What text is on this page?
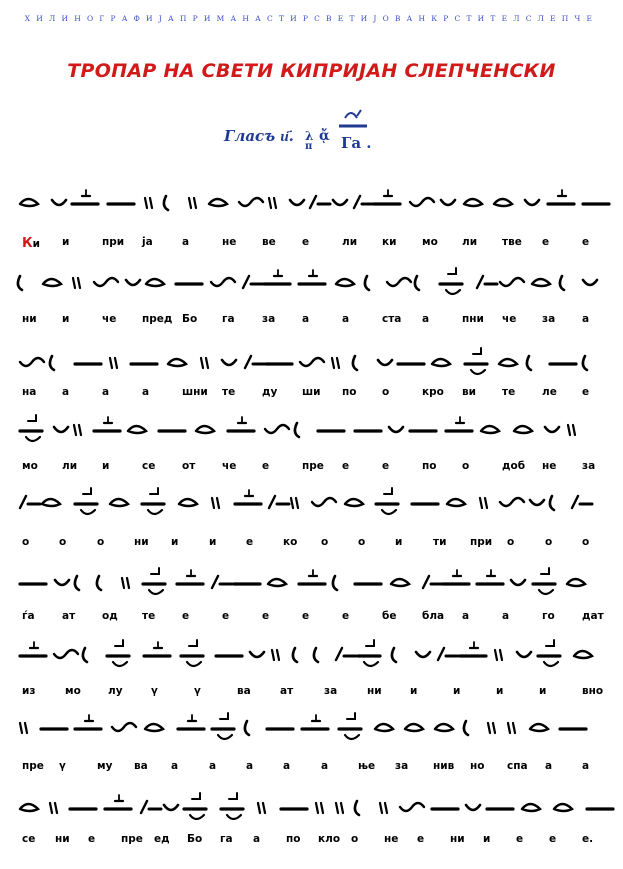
ХИЛИНОГРАФИЈАПРИМАНАСТИРСВЕТИЈОВАНКРСТИТЕЛСЛЕПЧЕ
ТРОПАР НА СВЕТИ КИПРИЈАН СЛЕПЧЕНСКИ
Гласъ и҃. λ
π
ᾄ Га .
Ки и	при ја	а	не ве е	ли ки мо ли тве е	е
ни и	че пред Бо га	за	а	а	ста а	пни че за	а
на а	а	а	шни те	ду ши по о	кро ви те	ле е
мо ли и	се	от	че е	пре е	е	по о	доб не за
о	о	о	ни и	и	е	ко о	о	и	ти при о	о	о
ѓа	ат	од те	е	е	е	е	е	бе бла а	а	го	дат
из	мо	лу	ү	ү	ва	ат	за	ни	и	и	и	и	вно
пре ү	му ва а	а	а	а	а	ње за нив но спа а	а
се ни е пре ед Бо га а по кло о не е ни и е е е.
